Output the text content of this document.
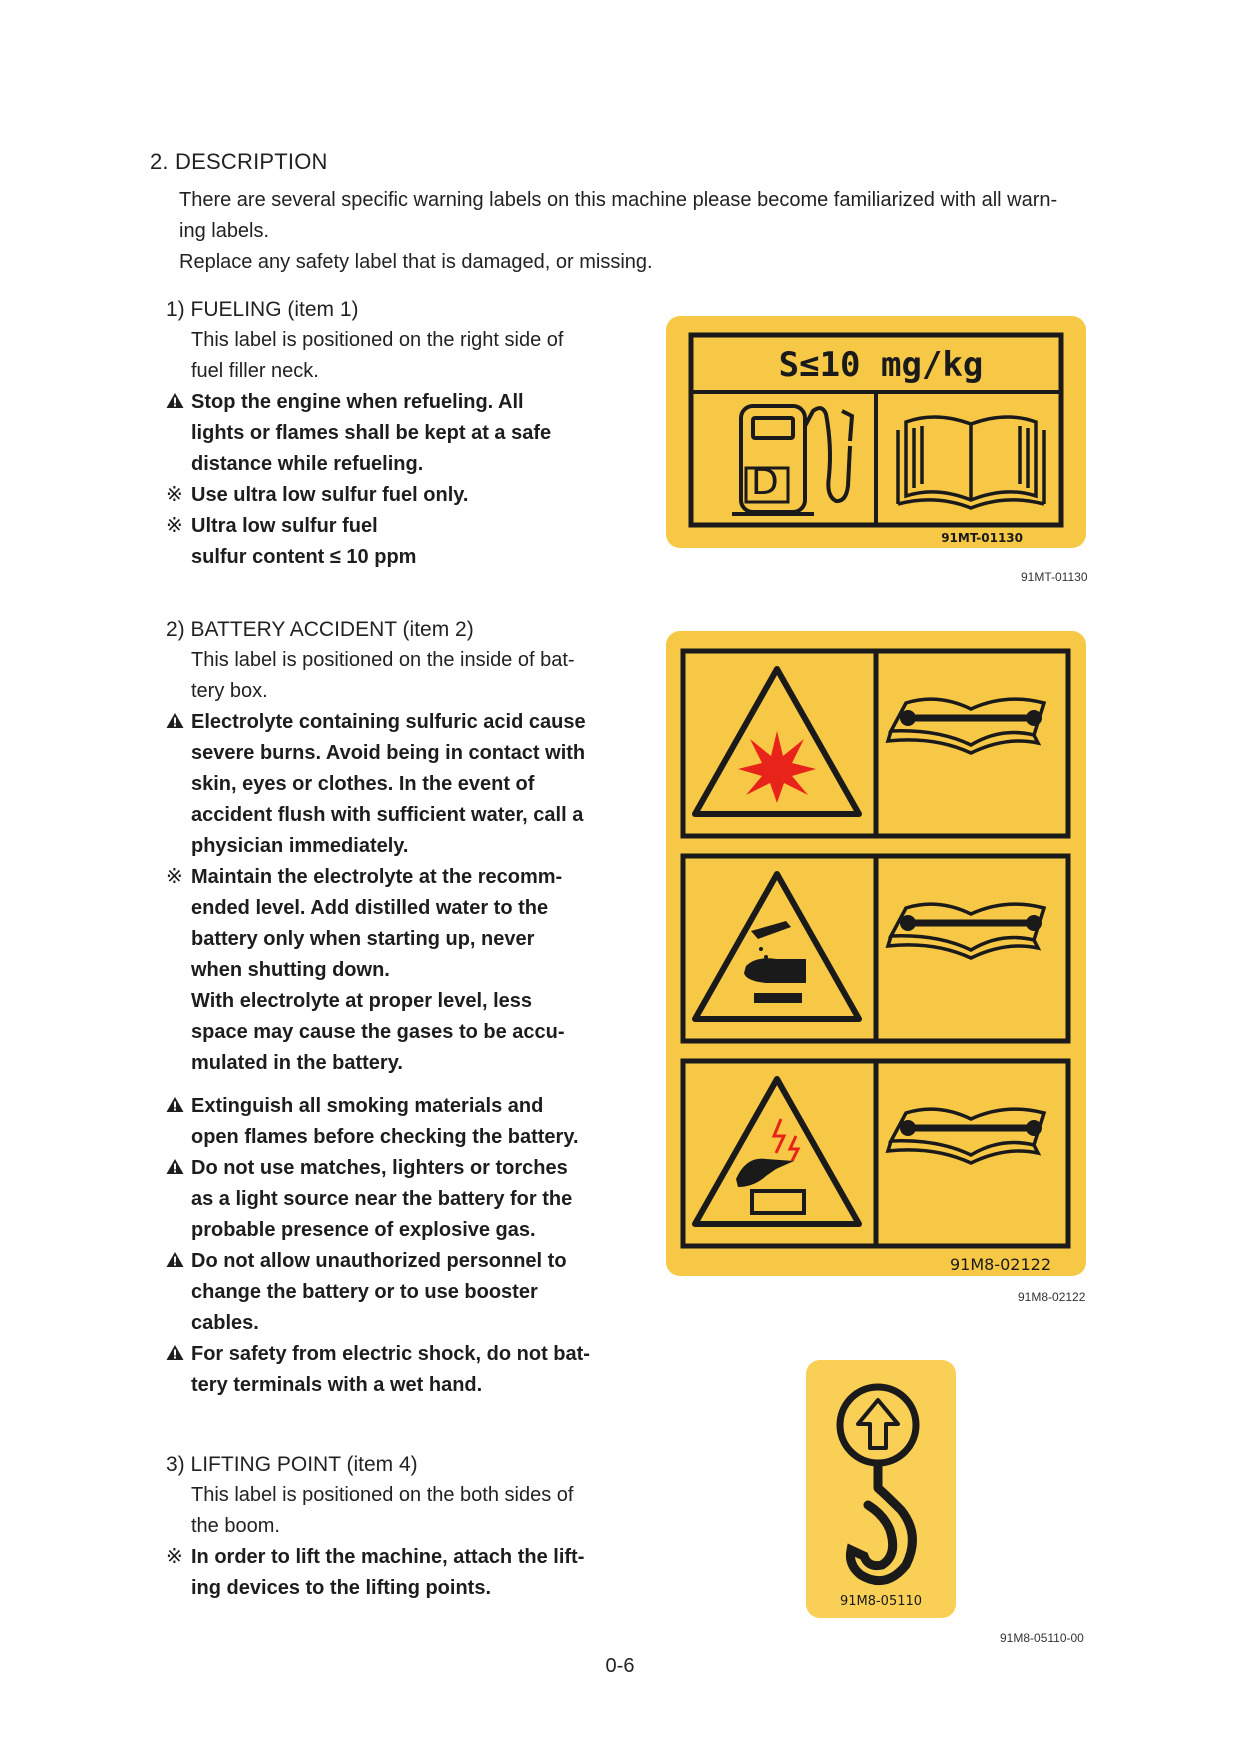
2. DESCRIPTION
There are several specific warning labels on this machine please become familiarized with all warn-
ing labels.
Replace any safety label that is damaged, or missing.
1) FUELING (item 1)
This label is positioned on the right side of
fuel filler neck.
Stop the engine when refueling. All
lights or flames shall be kept at a safe
distance while refueling.
※ Use ultra low sulfur fuel only.
※ Ultra low sulfur fuel
sulfur content ≤ 10 ppm
S≤10 mg/kg
D
91MT-01130
91MT-01130
2) BATTERY ACCIDENT (item 2)
This label is positioned on the inside of bat-
tery box.
Electrolyte containing sulfuric acid cause
severe burns. Avoid being in contact with
skin, eyes or clothes. In the event of
accident flush with sufficient water, call a
physician immediately.
※ Maintain the electrolyte at the recomm-
ended level. Add distilled water to the
battery only when starting up, never
when shutting down.
With electrolyte at proper level, less
space may cause the gases to be accu-
mulated in the battery.
Extinguish all smoking materials and
open flames before checking the battery.
Do not use matches, lighters or torches
as a light source near the battery for the
probable presence of explosive gas.
Do not allow unauthorized personnel to
change the battery or to use booster
cables.
For safety from electric shock, do not bat-
tery terminals with a wet hand.
91M8-02122
91M8-02122
3) LIFTING POINT (item 4)
This label is positioned on the both sides of
the boom.
※ In order to lift the machine, attach the lift-
ing devices to the lifting points.
91M8-05110
91M8-05110-00
0-6
